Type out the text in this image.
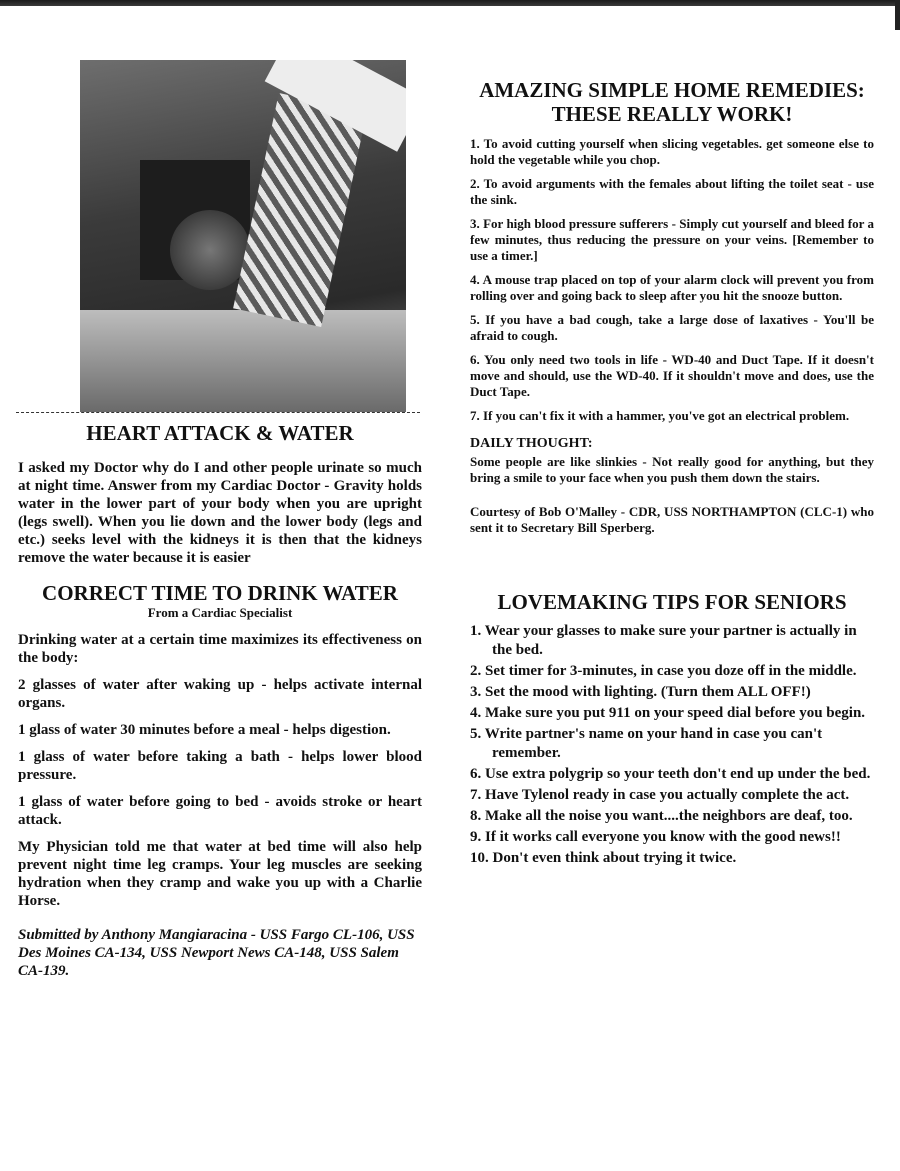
HEART ATTACK & WATER

I asked my Doctor why do I and other people urinate so much at night time. Answer from my Cardiac Doctor - Gravity holds water in the lower part of your body when you are upright (legs swell). When you lie down and the lower body (legs and etc.) seeks level with the kidneys it is then that the kidneys remove the water because it is easier

CORRECT TIME TO DRINK WATER
From a Cardiac Specialist

Drinking water at a certain time maximizes its effectiveness on the body:

2 glasses of water after waking up - helps activate internal organs.

1 glass of water 30 minutes before a meal - helps digestion.

1 glass of water before taking a bath - helps lower blood pressure.

1 glass of water before going to bed - avoids stroke or heart attack.

My Physician told me that water at bed time will also help prevent night time leg cramps. Your leg muscles are seeking hydration when they cramp and wake you up with a Charlie Horse.

Submitted by Anthony Mangiaracina - USS Fargo CL-106, USS Des Moines CA-134, USS Newport News CA-148, USS Salem CA-139.
AMAZING SIMPLE HOME REMEDIES:
THESE REALLY WORK!
1. To avoid cutting yourself when slicing vegetables. get someone else to hold the vegetable while you chop.
2. To avoid arguments with the females about lifting the toilet seat - use the sink.
3. For high blood pressure sufferers - Simply cut yourself and bleed for a few minutes, thus reducing the pressure on your veins. [Remember to use a timer.]
4. A mouse trap placed on top of your alarm clock will prevent you from rolling over and going back to sleep after you hit the snooze button.
5. If you have a bad cough, take a large dose of laxatives - You'll be afraid to cough.
6. You only need two tools in life - WD-40 and Duct Tape. If it doesn't move and should, use the WD-40. If it shouldn't move and does, use the Duct Tape.
7. If you can't fix it with a hammer, you've got an electrical problem.

DAILY THOUGHT:

Some people are like slinkies - Not really good for anything, but they bring a smile to your face when you push them down the stairs.

Courtesy of Bob O'Malley - CDR, USS NORTHAMPTON (CLC-1) who sent it to Secretary Bill Sperberg.

LOVEMAKING TIPS FOR SENIORS
1. Wear your glasses to make sure your partner is actually in the bed.
2. Set timer for 3-minutes, in case you doze off in the middle.
3. Set the mood with lighting. (Turn them ALL OFF!)
4. Make sure you put 911 on your speed dial before you begin.
5. Write partner's name on your hand in case you can't remember.
6. Use extra polygrip so your teeth don't end up under the bed.
7. Have Tylenol ready in case you actually complete the act.
8. Make all the noise you want....the neighbors are deaf, too.
9. If it works call everyone you know with the good news!!
10. Don't even think about trying it twice.
